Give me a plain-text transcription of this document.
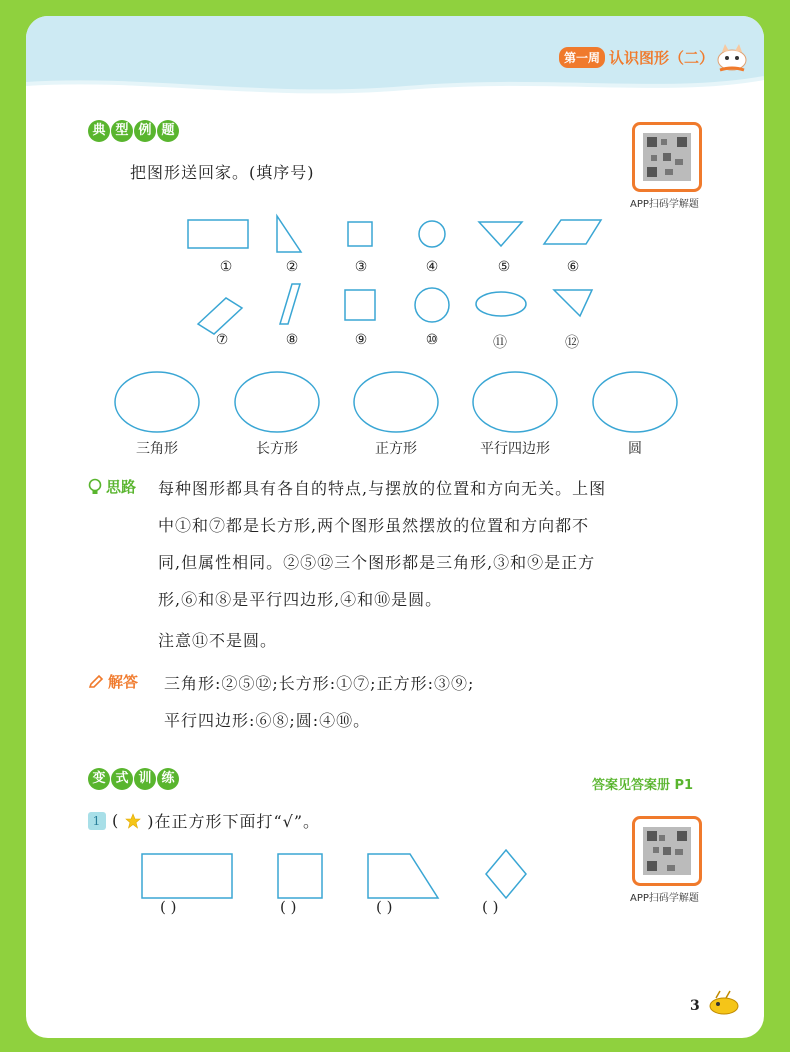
第一周 认识图形（二）
典 型 例 题
APP扫码学解题
把图形送回家。(填序号)
①	②	③	④	⑤	⑥
⑦	⑧	⑨	⑩	⑪	⑫
三角形	长方形	正方形	平行四边形	圆
思路 每种图形都具有各自的特点,与摆放的位置和方向无关。上图
中①和⑦都是长方形,两个图形虽然摆放的位置和方向都不
同,但属性相同。②⑤⑫三个图形都是三角形,③和⑨是正方
形,⑥和⑧是平行四边形,④和⑩是圆。
注意⑪不是圆。
解答 三角形:②⑤⑫;长方形:①⑦;正方形:③⑨;
平行四边形:⑥⑧;圆:④⑩。
变 式 训 练	答案见答案册 P1
1 ( )在正方形下面打“√”。
APP扫码学解题
( )	( )	( )	( )
3
